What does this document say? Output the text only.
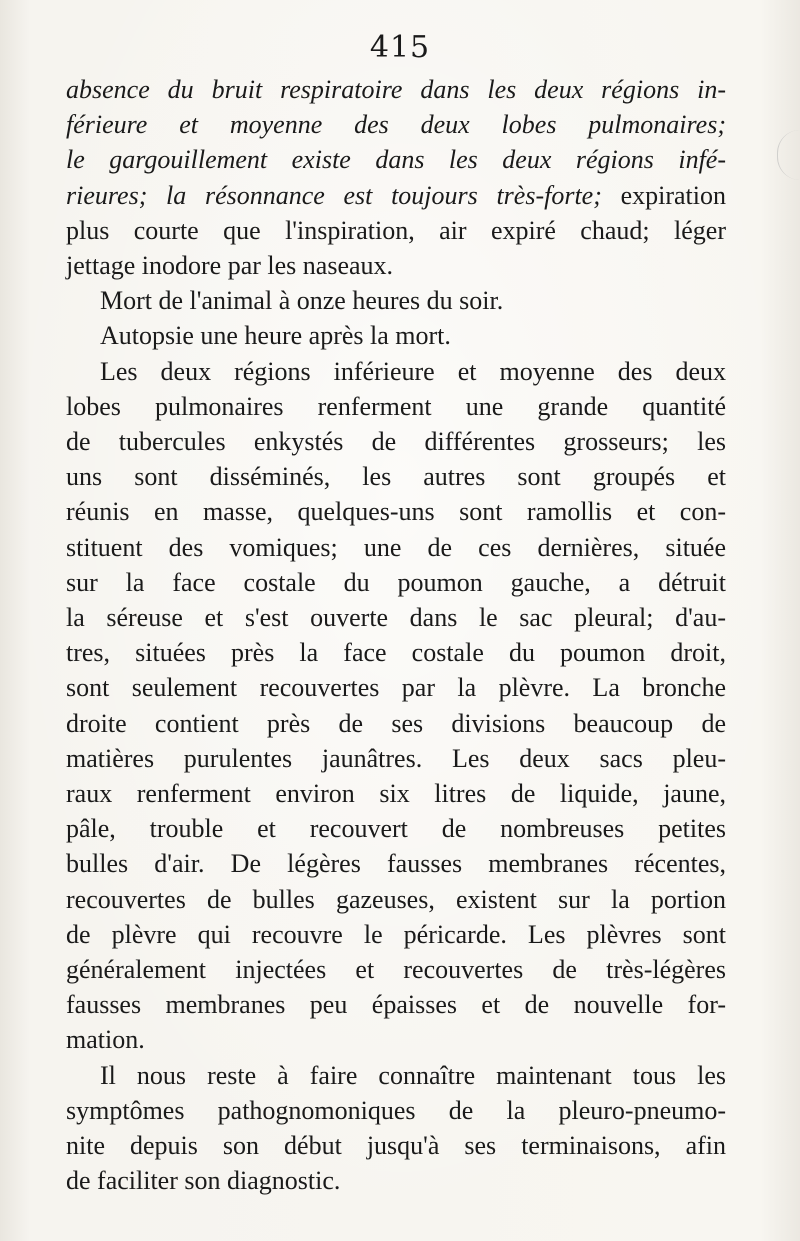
415
absence du bruit respiratoire dans les deux régions in-
férieure et moyenne des deux lobes pulmonaires;
le gargouillement existe dans les deux régions infé-
rieures; la résonnance est toujours très-forte; expiration
plus courte que l'inspiration, air expiré chaud; léger
jettage inodore par les naseaux.
Mort de l'animal à onze heures du soir.
Autopsie une heure après la mort.
Les deux régions inférieure et moyenne des deux
lobes pulmonaires renferment une grande quantité
de tubercules enkystés de différentes grosseurs; les
uns sont disséminés, les autres sont groupés et
réunis en masse, quelques-uns sont ramollis et con-
stituent des vomiques; une de ces dernières, située
sur la face costale du poumon gauche, a détruit
la séreuse et s'est ouverte dans le sac pleural; d'au-
tres, situées près la face costale du poumon droit,
sont seulement recouvertes par la plèvre. La bronche
droite contient près de ses divisions beaucoup de
matières purulentes jaunâtres. Les deux sacs pleu-
raux renferment environ six litres de liquide, jaune,
pâle, trouble et recouvert de nombreuses petites
bulles d'air. De légères fausses membranes récentes,
recouvertes de bulles gazeuses, existent sur la portion
de plèvre qui recouvre le péricarde. Les plèvres sont
généralement injectées et recouvertes de très-légères
fausses membranes peu épaisses et de nouvelle for-
mation.
Il nous reste à faire connaître maintenant tous les
symptômes pathognomoniques de la pleuro-pneumo-
nite depuis son début jusqu'à ses terminaisons, afin
de faciliter son diagnostic.
